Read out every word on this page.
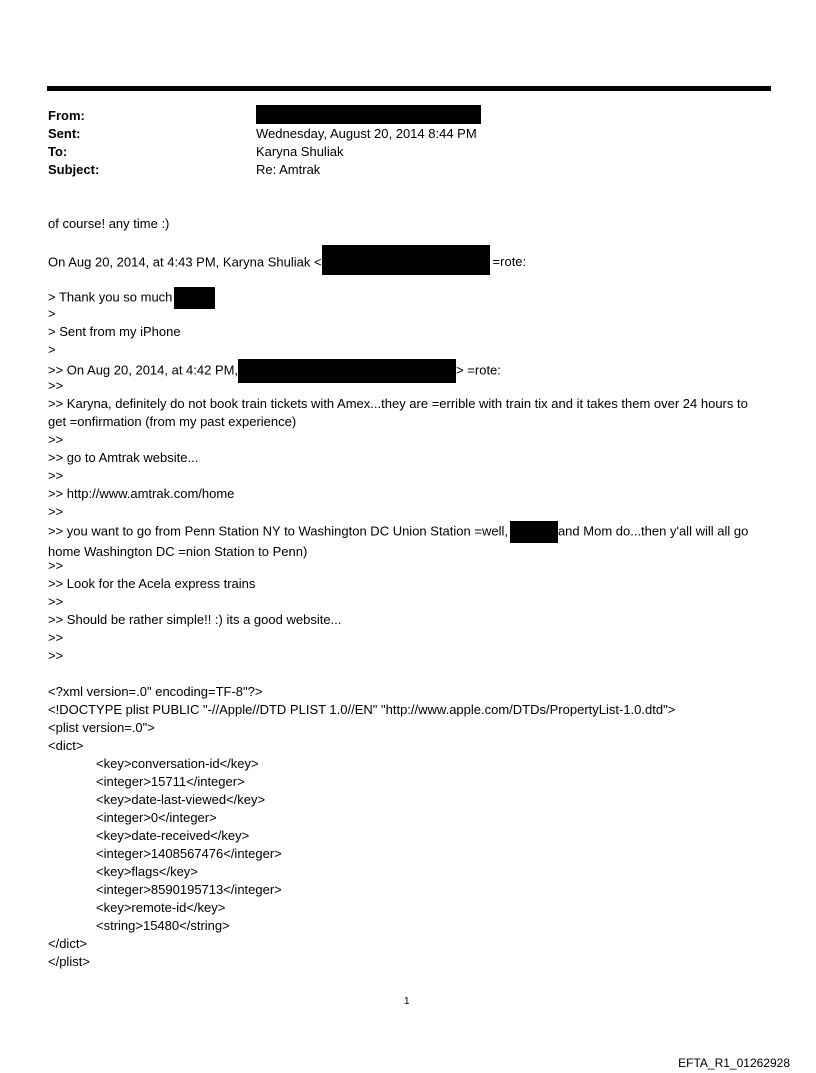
From:
Sent:	Wednesday, August 20, 2014 8:44 PM
To:	Karyna Shuliak
Subject:	Re: Amtrak
of course! any time :)
On Aug 20, 2014, at 4:43 PM, Karyna Shuliak <	=rote:
> Thank you so much
>
> Sent from my iPhone
>
>> On Aug 20, 2014, at 4:42 PM,	> =rote:
>>
>> Karyna, definitely do not book train tickets with Amex...they are =errible with train tix and it takes them over 24 hours to get =onfirmation (from my past experience)
>>
>> go to Amtrak website...
>>
>> http://www.amtrak.com/home
>>
>> you want to go from Penn Station NY to Washington DC Union Station =well,	and Mom do...then y'all will all go home Washington DC =nion Station to Penn)
>>
>> Look for the Acela express trains
>>
>> Should be rather simple!! :) its a good website...
>>
>>
<?xml version=.0" encoding=TF-8"?>
<!DOCTYPE plist PUBLIC "-//Apple//DTD PLIST 1.0//EN" "http://www.apple.com/DTDs/PropertyList-1.0.dtd">
<plist version=.0">
<dict>
<key>conversation-id</key>
<integer>15711</integer>
<key>date-last-viewed</key>
<integer>0</integer>
<key>date-received</key>
<integer>1408567476</integer>
<key>flags</key>
<integer>8590195713</integer>
<key>remote-id</key>
<string>15480</string>
</dict>
</plist>
1
EFTA_R1_01262928
